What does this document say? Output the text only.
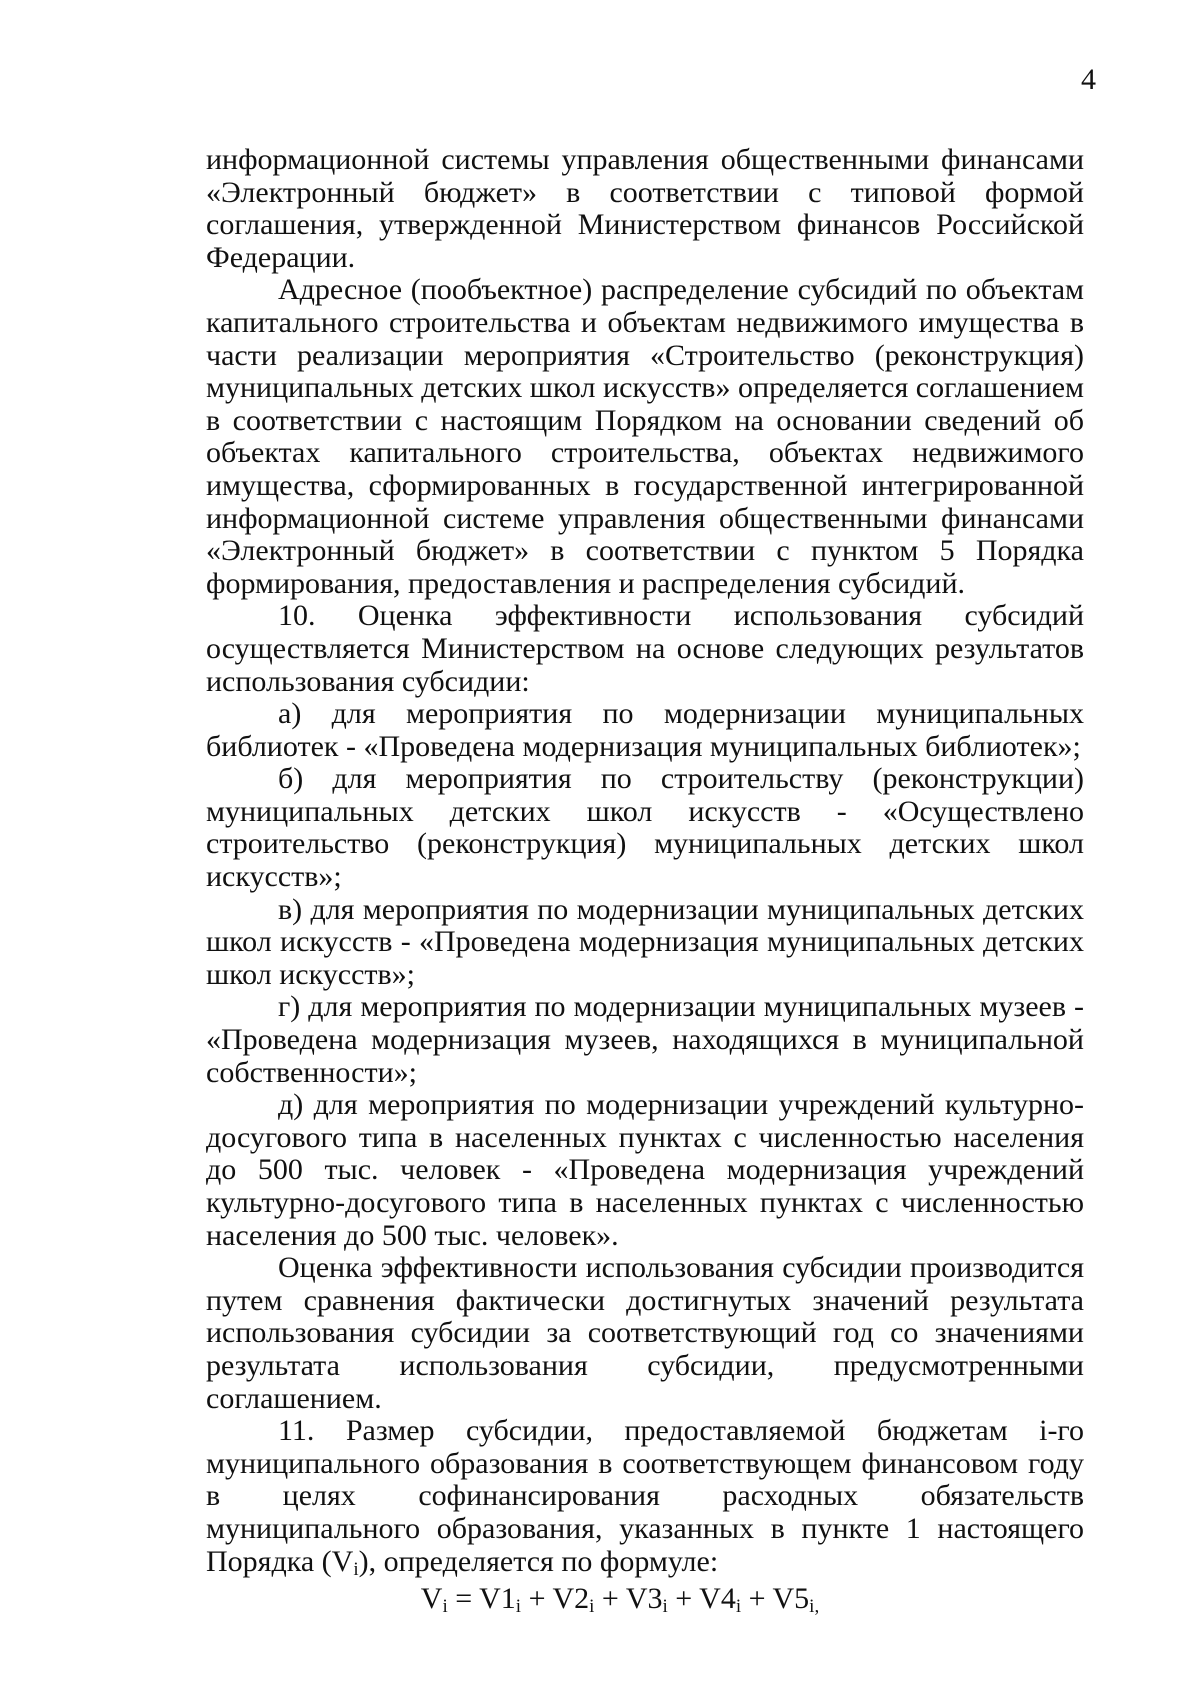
4

информационной системы управления общественными финансами «Электронный бюджет» в соответствии с типовой формой соглашения, утвержденной Министерством финансов Российской Федерации.

Адресное (пообъектное) распределение субсидий по объектам капитального строительства и объектам недвижимого имущества в части реализации мероприятия «Строительство (реконструкция) муниципальных детских школ искусств» определяется соглашением в соответствии с настоящим Порядком на основании сведений об объектах капитального строительства, объектах недвижимого имущества, сформированных в государственной интегрированной информационной системе управления общественными финансами «Электронный бюджет» в соответствии с пунктом 5 Порядка формирования, предоставления и распределения субсидий.

10. Оценка эффективности использования субсидий осуществляется Министерством на основе следующих результатов использования субсидии:

а) для мероприятия по модернизации муниципальных библиотек - «Проведена модернизация муниципальных библиотек»;

б) для мероприятия по строительству (реконструкции) муниципальных детских школ искусств - «Осуществлено строительство (реконструкция) муниципальных детских школ искусств»;

в) для мероприятия по модернизации муниципальных детских школ искусств - «Проведена модернизация муниципальных детских школ искусств»;

г) для мероприятия по модернизации муниципальных музеев - «Проведена модернизация музеев, находящихся в муниципальной собственности»;

д) для мероприятия по модернизации учреждений культурно-досугового типа в населенных пунктах с численностью населения до 500 тыс. человек - «Проведена модернизация учреждений культурно-досугового типа в населенных пунктах с численностью населения до 500 тыс. человек».

Оценка эффективности использования субсидии производится путем сравнения фактически достигнутых значений результата использования субсидии за соответствующий год со значениями результата использования субсидии, предусмотренными соглашением.

11. Размер субсидии, предоставляемой бюджетам i-го муниципального образования в соответствующем финансовом году в целях софинансирования расходных обязательств муниципального образования, указанных в пункте 1 настоящего Порядка $(V_i)$, определяется по формуле:

$V_i = V1_i + V2_i + V3_i + V4_i + V5_{i,}$
